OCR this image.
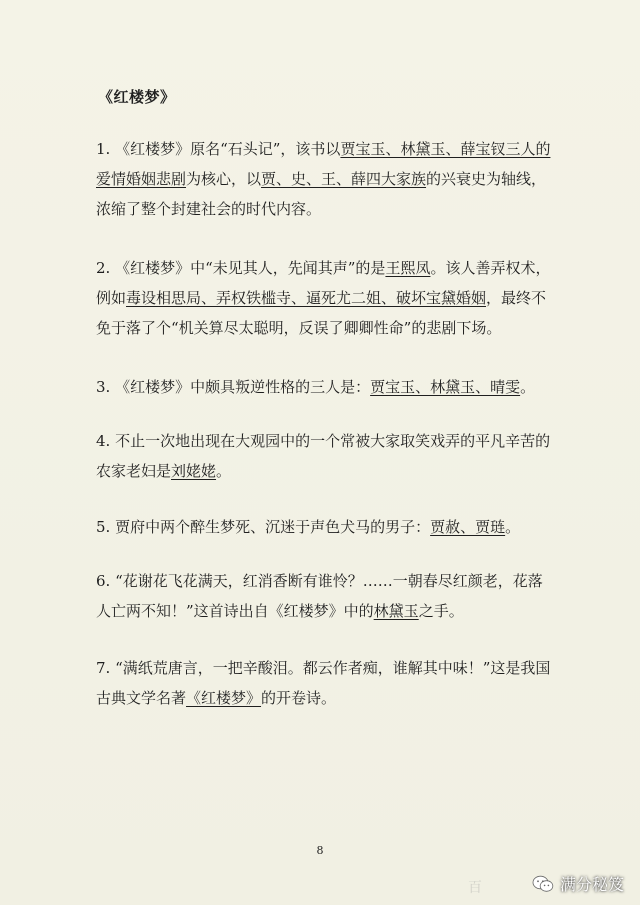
《红楼梦》
1. 《红楼梦》原名“石头记”，该书以贾宝玉、林黛玉、薛宝钗三人的爱情婚姻悲剧为核心，以贾、史、王、薛四大家族的兴衰史为轴线，浓缩了整个封建社会的时代内容。
2. 《红楼梦》中“未见其人，先闻其声”的是王熙凤。该人善弄权术，例如毒设相思局、弄权铁槛寺、逼死尤二姐、破坏宝黛婚姻，最终不免于落了个“机关算尽太聪明，反误了卿卿性命”的悲剧下场。
3. 《红楼梦》中颇具叛逆性格的三人是：贾宝玉、林黛玉、晴雯。
4. 不止一次地出现在大观园中的一个常被大家取笑戏弄的平凡辛苦的农家老妇是刘姥姥。
5. 贾府中两个醉生梦死、沉迷于声色犬马的男子：贾赦、贾琏。
6. “花谢花飞花满天，红消香断有谁怜？……一朝春尽红颜老，花落人亡两不知！”这首诗出自《红楼梦》中的林黛玉之手。
7. “满纸荒唐言，一把辛酸泪。都云作者痴，谁解其中味！”这是我国古典文学名著《红楼梦》的开卷诗。
8
百	满分秘笈
